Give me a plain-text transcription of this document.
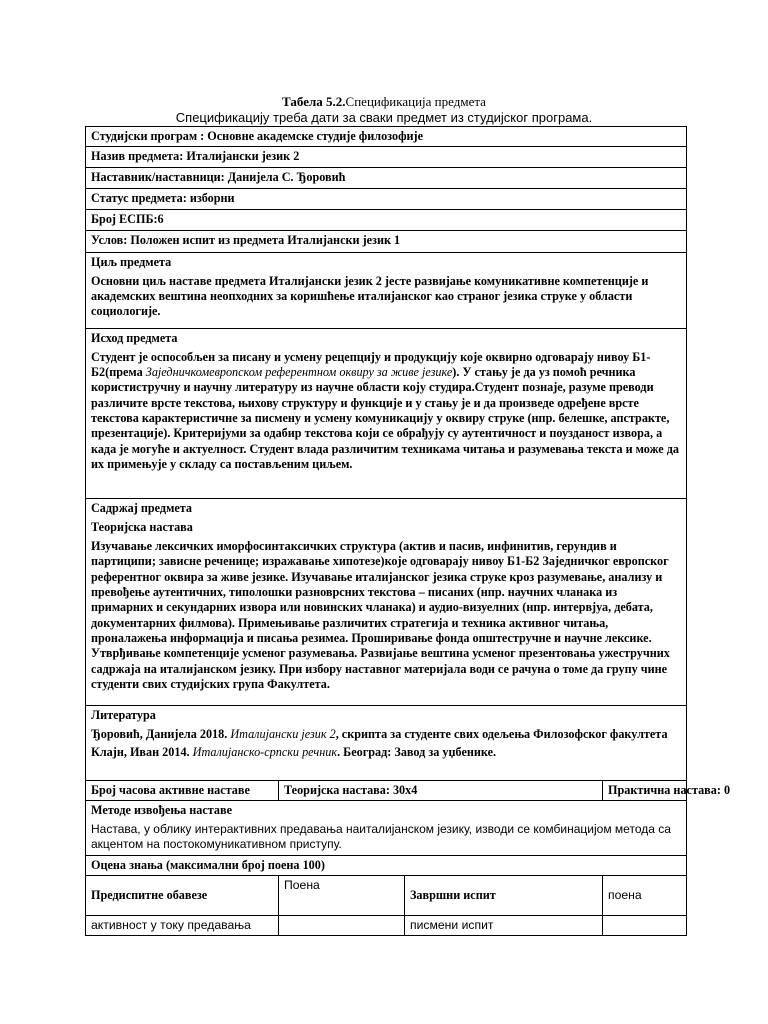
Табела 5.2.Спецификација предмета
Спецификацију треба дати за сваки предмет из студијског програма.
Студијски програм : Основне академске студије филозофије			
Назив предмета: Италијански језик 2			
Наставник/наставници: Данијела С. Ђоровић			
Статус предмета: изборни			
Број ЕСПБ:6			
Услов: Положен испит из предмета Италијански језик 1			

Циљ предмета

Основни циљ наставе предмета Италијански језик 2 јесте развијање комуникативне компетенције и академских вештина неопходних за коришћење италијанског као страног језика струке у области социологије.			

Исход предмета

Студент је оспособљен за писану и усмену рецепцију и продукцију које оквирно одговарају нивоу Б1-Б2(према Заједничкомевропском референтном оквиру за живе језике). У стању је да уз помоћ речника користистручну и научну литературу из научне области коју студира.Студент познаје, разуме преводи различите врсте текстова, њихову структуру и функције и у стању је и да произведе одређене врсте текстова карактеристичне за писмену и усмену комуникацију у оквиру струке (нпр. белешке, апстракте, презентације). Критеријуми за одабир текстова који се обрађују су аутентичност и поузданост извора, а када је могуће и актуелност. Студент влада различитим техникама читања и разумевања текста и може да их примењује у складу са постављеним циљем.			

Садржај предмета

Теоријска настава

Изучавање лексичких иморфосинтаксичких структура (актив и пасив, инфинитив, герундив и партиципи; зависне реченице; изражавање хипотезе)које одговарају нивоу Б1-Б2 Заједничког европског референтног оквира за живе језике. Изучавање италијанског језика струке кроз разумевање, анализу и превођење аутентичних, типолошки разноврсних текстова – писаних (нпр. научних чланака из примарних и секундарних извора или новинских чланака) и аудио-визуелних (нпр. интервјуа, дебата, документарних филмова). Примењивање различитих стратегија и техника активног читања, проналажења информација и писања резимеа. Проширивање фонда општестручне и научне лексике. Утврђивање компетенције усменог разумевања. Развијање вештина усменог презентовања ужестручних садржаја на италијанском језику. При избору наставног материјала води се рачуна о томе да групу чине студенти свих студијских група Факултета.			

Литература

Ђоровић, Данијела 2018. Италијански језик 2, скрипта за студенте свих одељења Филозофског факултета

Клајн, Иван 2014. Италијанско-српски речник. Београд: Завод за уџбенике.			

Број часова активне наставе	Теоријска настава: 30х4		Практична настава: 0

Методе извођења наставе

Настава, у облику интерактивних предавања наиталијанском језику, изводи се комбинацијом метода са акцентом на постокомуникативном приступу.			

Оцена знања (максимални број поена 100)			
Предиспитне обавезе	Поена	Завршни испит	поена
активност у току предавања		писмени испит	
